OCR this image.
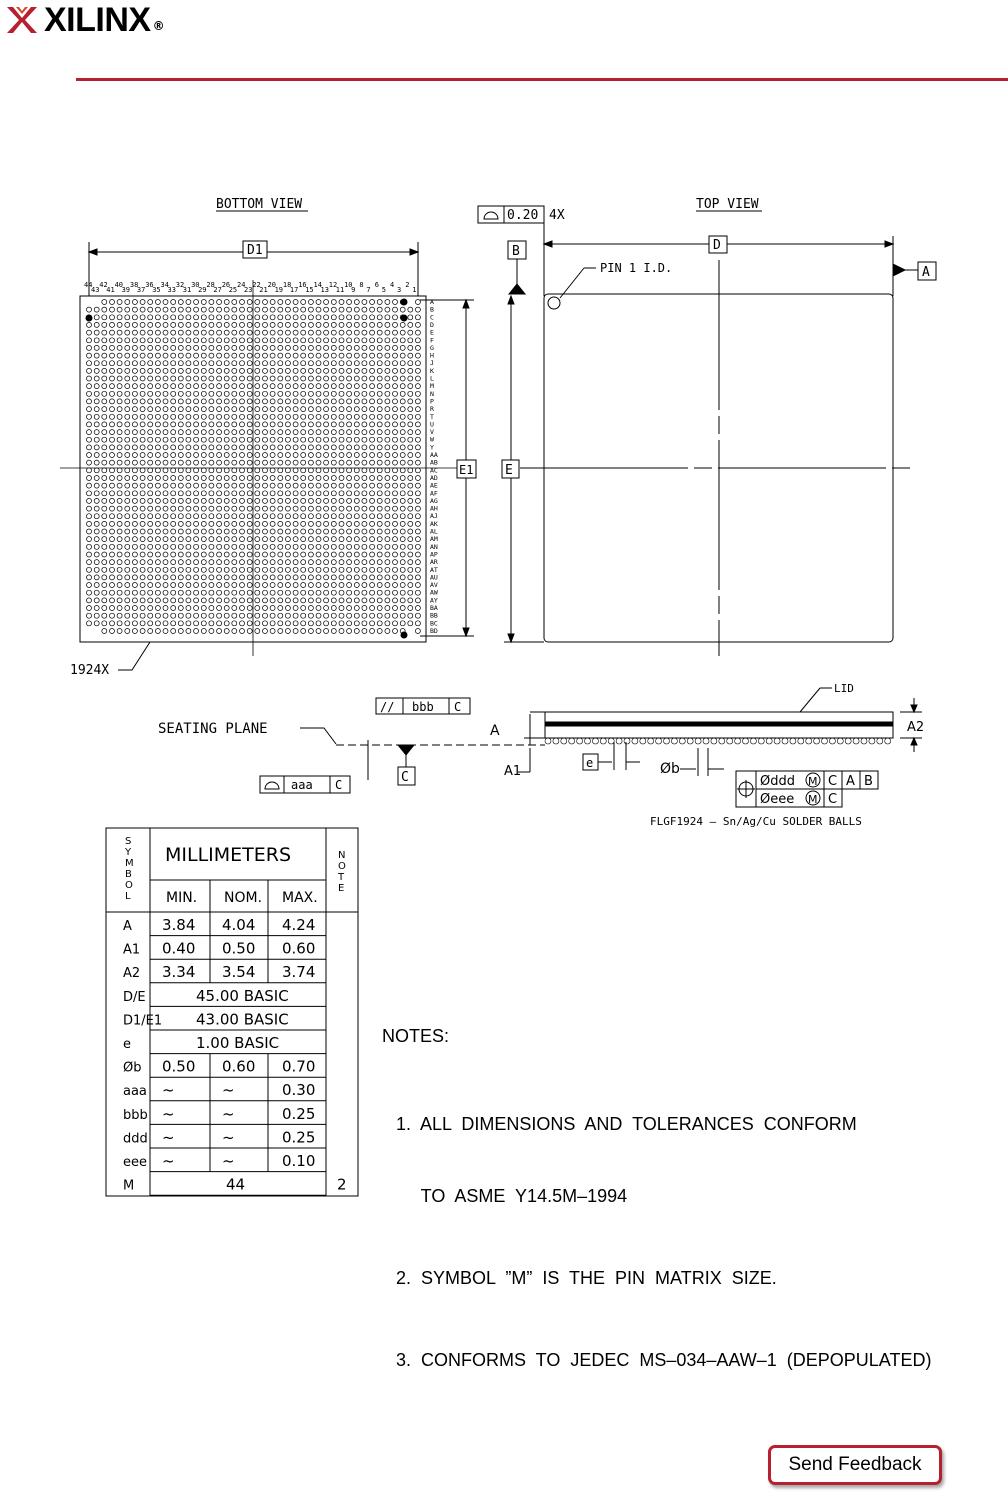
XILINX ®
BOTTOM VIEW
D1
44 42 40 38 36 34 32 30 28 26 24 22 20 18 16 14 12 10 8 6 4 2
43 41 39 37 35 33 31 29 27 25 23 21 19 17 15 13 11 9 7 5 3 1
A
B
C
D
E
F
G
H
J
K
L
M
N
P
R
T
U
V
W
Y
AA
AB
AC
AD
AE
AF
AG
AH
AJ
AK
AL
AM
AN
AP
AR
AT
AU
AV
AW
AY
BA
BB
BC
BD
E1
1924X
TOP VIEW
0.20 4X
D
A
B
PIN 1 I.D.
E
LID
A2
// bbb C
SEATING PLANE	A
A1
C
aaa C
e	Øb
Øddd M C A B
Øeee M C
FLGF1924 – Sn/Ag/Cu SOLDER BALLS
S
Y
M
B
O
L
N
O
T
E
MILLIMETERS
MIN. NOM. MAX.
A 3.84 4.04 4.24
A1 0.40 0.50 0.60
A2 3.34 3.54 3.74
D/E	45.00 BASIC
D1/E1 43.00 BASIC
e	1.00 BASIC
Øb 0.50 0.60 0.70
aaa ~	~	0.30
bbb ~	~	0.25
ddd ~	~	0.25
eee ~	~	0.10
M	44	2

NOTES:

1.  ALL  DIMENSIONS  AND  TOLERANCES  CONFORM

TO  ASME  Y14.5M–1994

2.  SYMBOL  ”M”  IS  THE  PIN  MATRIX  SIZE.

3.  CONFORMS  TO  JEDEC  MS–034–AAW–1  (DEPOPULATED)

Send Feedback
